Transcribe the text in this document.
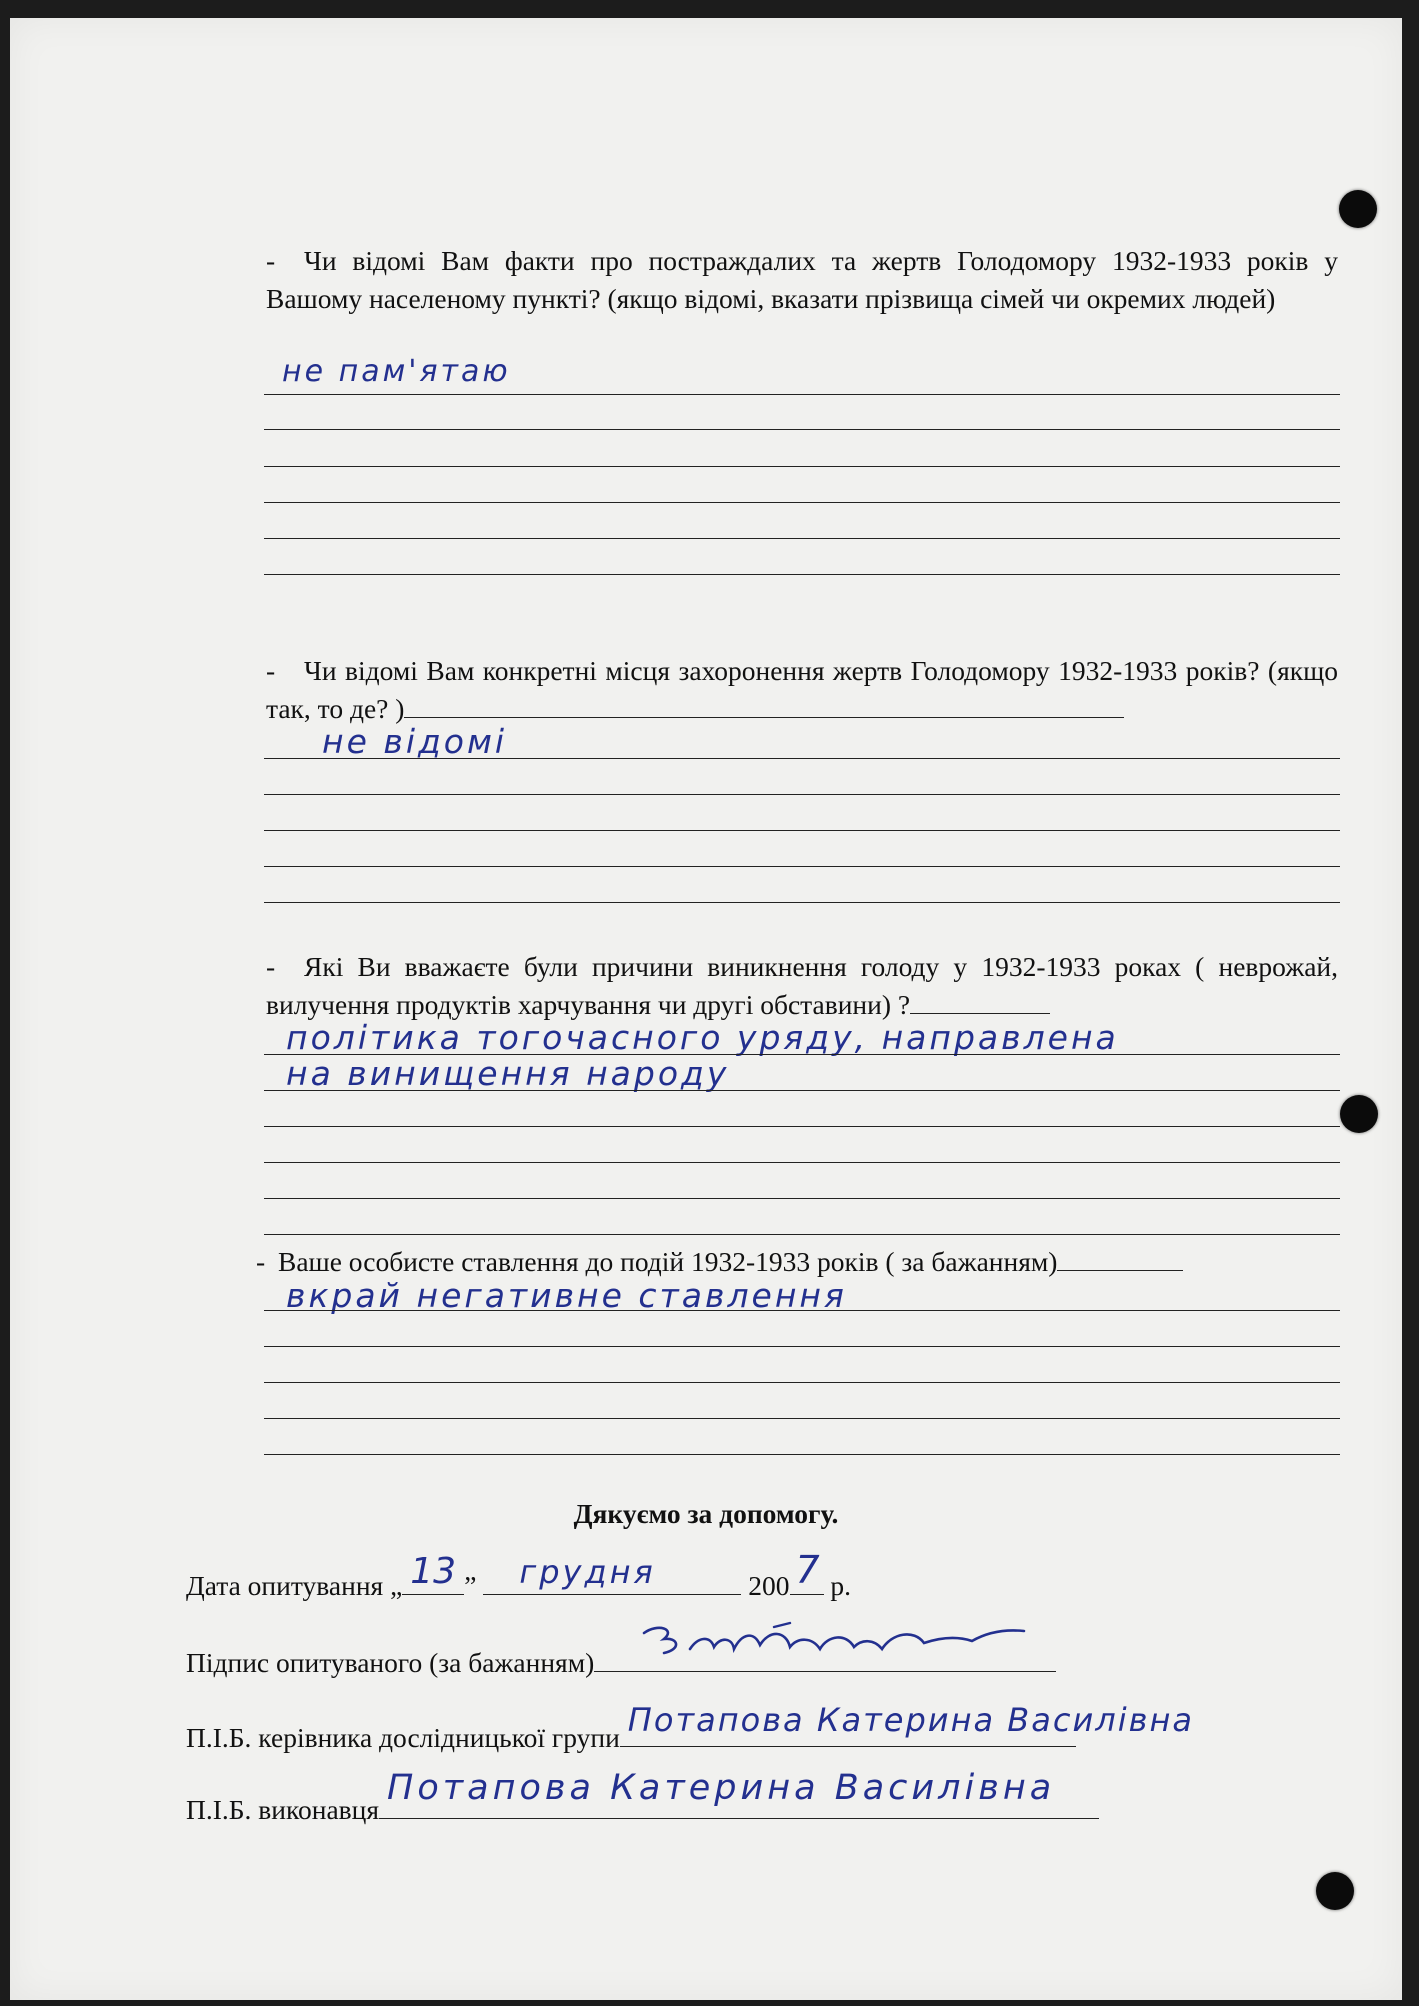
- Чи відомі Вам факти про постраждалих та жертв Голодомору 1932-1933 років у Вашому населеному пункті? (якщо відомі, вказати прізвища сімей чи окремих людей)
не пам'ятаю
- Чи відомі Вам конкретні місця захоронення жертв Голодомору 1932-1933 років? (якщо так, то де? )
не відомі
- Які Ви вважаєте були причини виникнення голоду у 1932-1933 роках ( неврожай, вилучення продуктів харчування чи другі обставини) ?
політика тогочасного уряду, направлена
на винищення народу
- Ваше особисте ставлення до подій 1932-1933 років ( за бажанням)
вкрай негативне ставлення
Дякуємо за допомогу.
Дата опитування „ 13 ” грудня	200 7 р.
Підпис опитуваного (за бажанням)
П.І.Б. керівника дослідницької групи Потапова Катерина Василівна
П.І.Б. виконавця
Потапова Катерина Василівна
